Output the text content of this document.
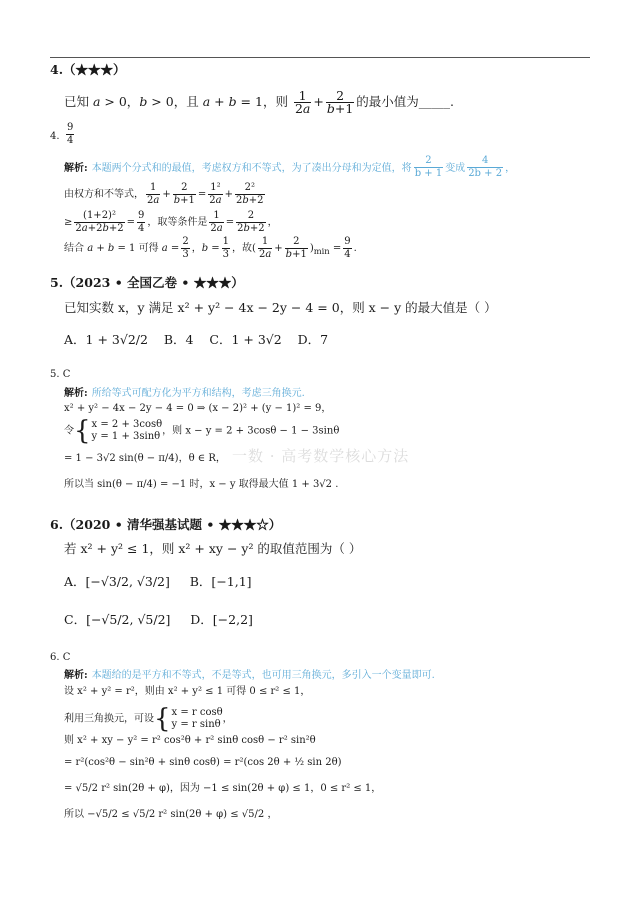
一数 · 高考数学核心方法
4.（★★★）
已知 a > 0，b > 0，且 a + b = 1，则 $\frac{1}{2a} + \frac{2}{b+1}$ 的最小值为_____.
4. $\frac{9}{4}$
解析: 本题两个分式和的最值，考虑权方和不等式，为了凑出分母和为定值，将 $\frac{2}{b + 1}$ 变成 $\frac{4}{2b + 2}$ ，
由权方和不等式， $\frac{1}{2a} + \frac{2}{b+1} = \frac{\text{1²}}{2a} + \frac{\text{2²}}{2b+2}$
≥ $\frac{\text{(1+2)²}}{2a+2b+2} = \frac{9}{4}$ ，取等条件是 $\frac{1}{2a} = \frac{2}{2b+2}$ ，
结合 a + b = 1 可得 $a = \frac{2}{3}$ ，$b = \frac{1}{3}$ ，故( $\frac{1}{2a} + \frac{2}{b+1} )_{min} = \frac{9}{4}$ .
5.（2023 • 全国乙卷 • ★★★）
已知实数 x，y 满足 x² + y² − 4x − 2y − 4 = 0，则 x − y 的最大值是（ ）
A．1 + 3√2/2 B．4 C．1 + 3√2 D．7
5. C
解析: 所给等式可配方化为平方和结构，考虑三角换元.
x² + y² − 4x − 2y − 4 = 0 ⇒ (x − 2)² + (y − 1)² = 9，
令{ x = 2 + 3cosθ
y = 1 + 3sinθ ，则 x − y = 2 + 3cosθ − 1 − 3sinθ
= 1 − 3√2 sin(θ − π/4)，θ ∈ R，
所以当 sin(θ − π/4) = −1 时，x − y 取得最大值 1 + 3√2 .
6.（2020 • 清华强基试题 • ★★★☆）
若 x² + y² ≤ 1，则 x² + xy − y² 的取值范围为（ ）
A．[−√3/2, √3/2] B．[−1,1]
C．[−√5/2, √5/2] D．[−2,2]
6. C
解析: 本题给的是平方和不等式，不是等式，也可用三角换元，多引入一个变量即可.
设 x² + y² = r²，则由 x² + y² ≤ 1 可得 0 ≤ r² ≤ 1，
利用三角换元，可设{ x = r cosθ
y = r sinθ ，
则 x² + xy − y² = r² cos²θ + r² sinθ cosθ − r² sin²θ
= r²(cos²θ − sin²θ + sinθ cosθ) = r²(cos 2θ + ½ sin 2θ)
= √5/2 r² sin(2θ + φ)，因为 −1 ≤ sin(2θ + φ) ≤ 1，0 ≤ r² ≤ 1，
所以 −√5/2 ≤ √5/2 r² sin(2θ + φ) ≤ √5/2 ，
